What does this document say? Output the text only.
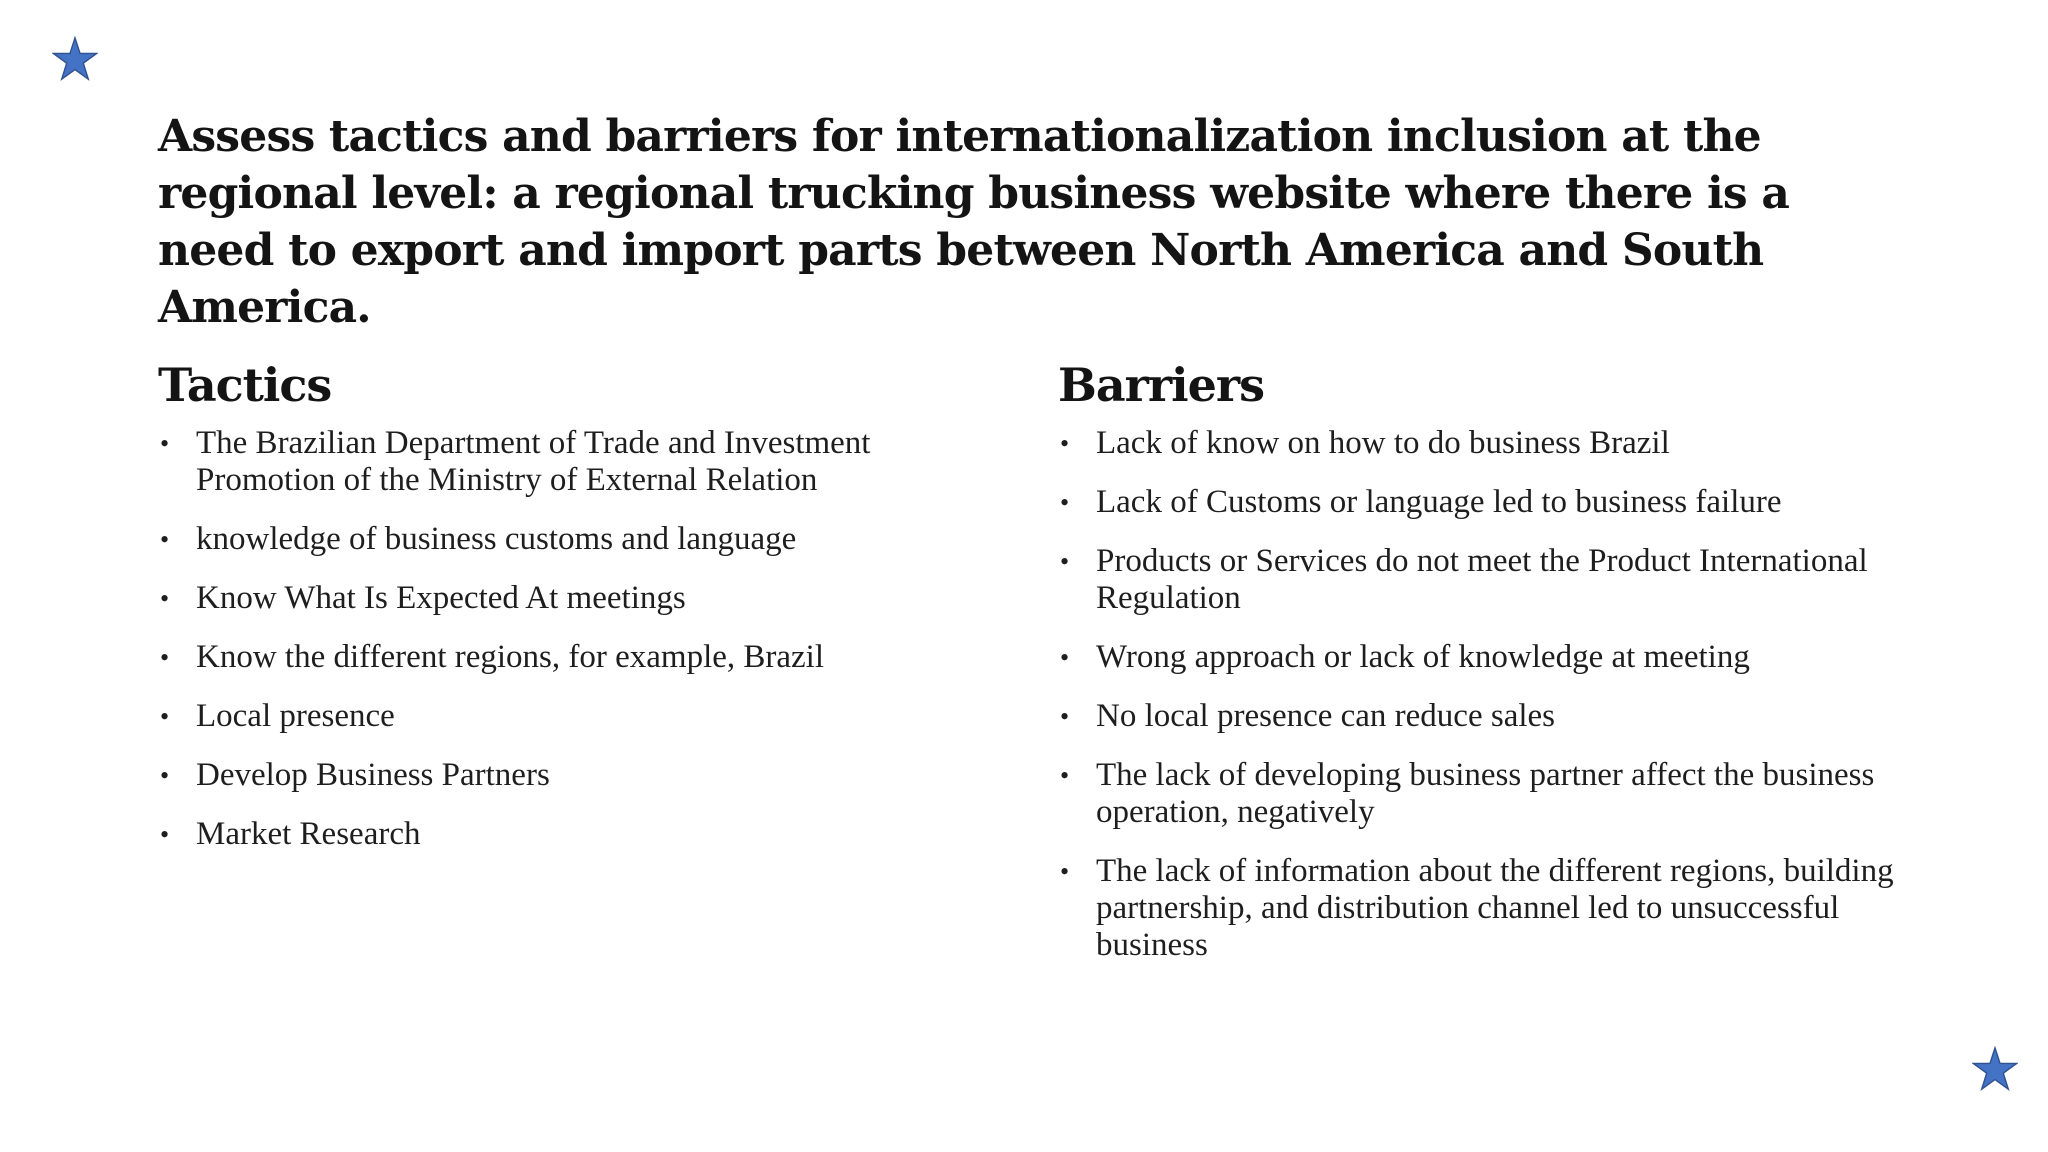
Assess tactics and barriers for internationalization inclusion at the regional level: a regional trucking business website where there is a need to export and import parts between North America and South America.
Tactics
• The Brazilian Department of Trade and Investment Promotion of the Ministry of External Relation
• knowledge of business customs and language
• Know What Is Expected At meetings
• Know the different regions, for example, Brazil
• Local presence
• Develop Business Partners
• Market Research
Barriers
• Lack of know on how to do business Brazil
• Lack of Customs or language led to business failure
• Products or Services do not meet the Product International Regulation
• Wrong approach or lack of knowledge at meeting
• No local presence can reduce sales
• The lack of developing business partner affect the business operation, negatively
• The lack of information about the different regions, building partnership, and distribution channel led to unsuccessful business
